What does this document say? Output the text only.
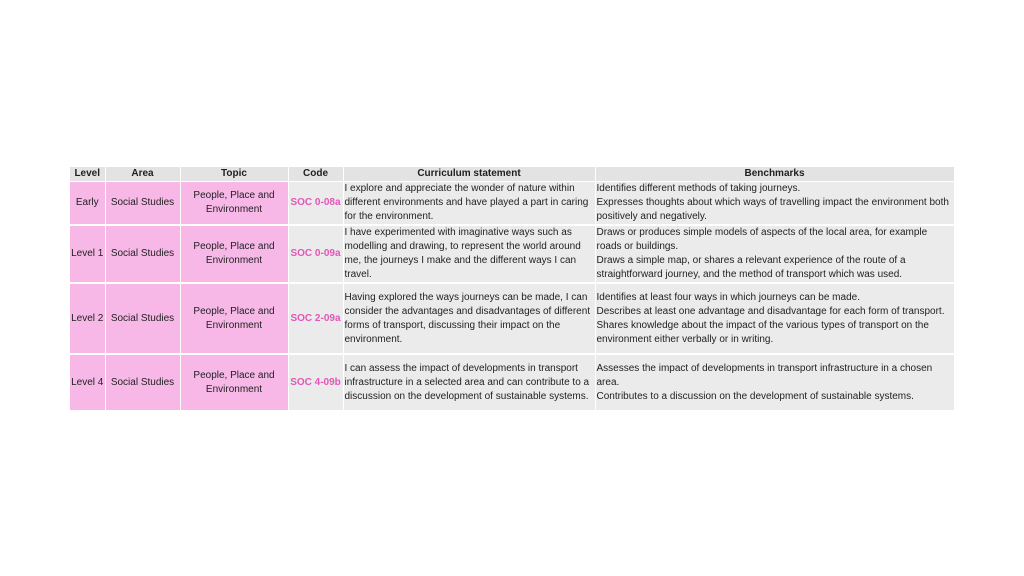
Level	Area	Topic	Code	Curriculum statement	Benchmarks
Early	Social Studies	People, Place and Environment	SOC 0-08a	I explore and appreciate the wonder of nature within different environments and have played a part in caring for the environment.	Identifies different methods of taking journeys.
Expresses thoughts about which ways of travelling impact the environment both positively and negatively.

Level 1	Social Studies	People, Place and Environment	SOC 0-09a	I have experimented with imaginative ways such as modelling and drawing, to represent the world around me, the journeys I make and the different ways I can travel.	Draws or produces simple models of aspects of the local area, for example roads or buildings.
Draws a simple map, or shares a relevant experience of the route of a straightforward journey, and the method of transport which was used.

Level 2	Social Studies	People, Place and Environment	SOC 2-09a	Having explored the ways journeys can be made, I can consider the advantages and disadvantages of different forms of transport, discussing their impact on the environment.	Identifies at least four ways in which journeys can be made.
Describes at least one advantage and disadvantage for each form of transport.
Shares knowledge about the impact of the various types of transport on the environment either verbally or in writing.

Level 4	Social Studies	People, Place and Environment	SOC 4-09b	I can assess the impact of developments in transport infrastructure in a selected area and can contribute to a discussion on the development of sustainable systems.	Assesses the impact of developments in transport infrastructure in a chosen area.
Contributes to a discussion on the development of sustainable systems.
